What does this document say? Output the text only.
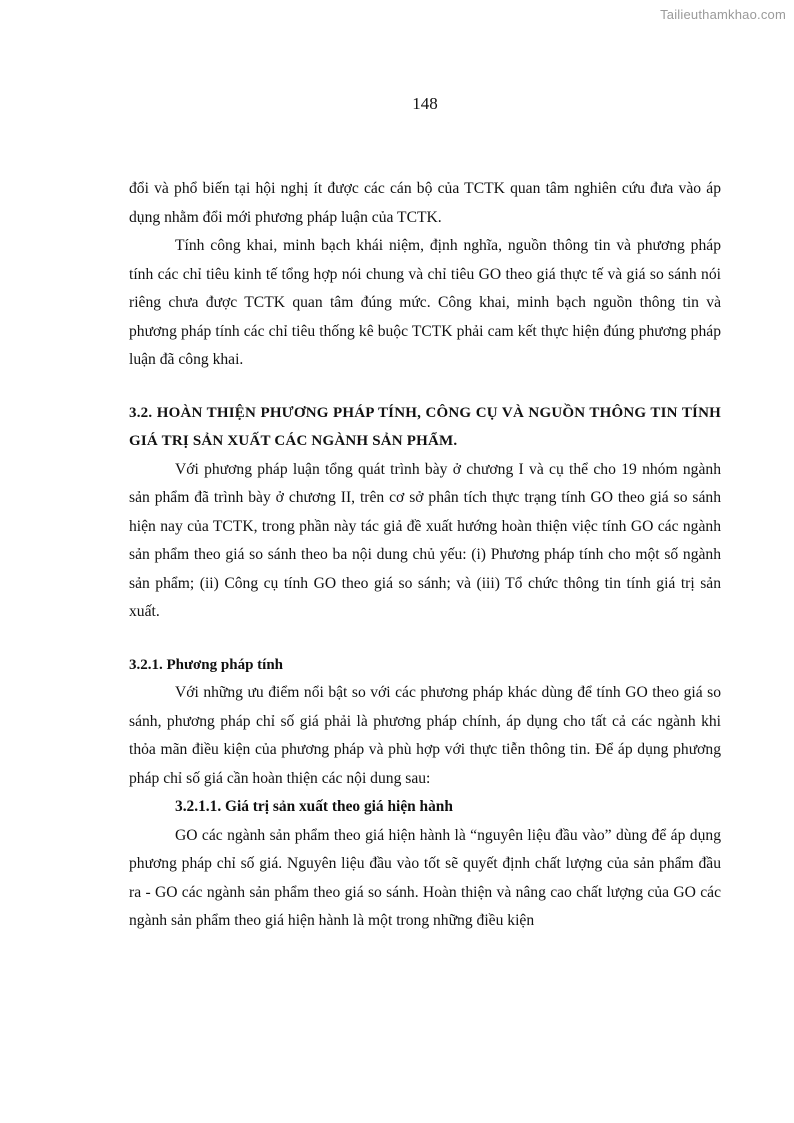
Tailieuthamkhao.com
148

đổi và phổ biến tại hội nghị ít được các cán bộ của TCTK quan tâm nghiên cứu đưa vào áp dụng nhằm đổi mới phương pháp luận của TCTK.

Tính công khai, minh bạch khái niệm, định nghĩa, nguồn thông tin và phương pháp tính các chỉ tiêu kinh tế tổng hợp nói chung và chỉ tiêu GO theo giá thực tế và giá so sánh nói riêng chưa được TCTK quan tâm đúng mức. Công khai, minh bạch nguồn thông tin và phương pháp tính các chỉ tiêu thống kê buộc TCTK phải cam kết thực hiện đúng phương pháp luận đã công khai.

3.2. HOÀN THIỆN PHƯƠNG PHÁP TÍNH, CÔNG CỤ VÀ NGUỒN THÔNG TIN TÍNH GIÁ TRỊ SẢN XUẤT CÁC NGÀNH SẢN PHẨM.

Với phương pháp luận tổng quát trình bày ở chương I và cụ thể cho 19 nhóm ngành sản phẩm đã trình bày ở chương II, trên cơ sở phân tích thực trạng tính GO theo giá so sánh hiện nay của TCTK, trong phần này tác giả đề xuất hướng hoàn thiện việc tính GO các ngành sản phẩm theo giá so sánh theo ba nội dung chủ yếu: (i) Phương pháp tính cho một số ngành sản phẩm; (ii) Công cụ tính GO theo giá so sánh; và (iii) Tổ chức thông tin tính giá trị sản xuất.

3.2.1. Phương pháp tính

Với những ưu điểm nổi bật so với các phương pháp khác dùng để tính GO theo giá so sánh, phương pháp chỉ số giá phải là phương pháp chính, áp dụng cho tất cả các ngành khi thỏa mãn điều kiện của phương pháp và phù hợp với thực tiễn thông tin. Để áp dụng phương pháp chỉ số giá cần hoàn thiện các nội dung sau:

3.2.1.1. Giá trị sản xuất theo giá hiện hành

GO các ngành sản phẩm theo giá hiện hành là “nguyên liệu đầu vào” dùng để áp dụng phương pháp chỉ số giá. Nguyên liệu đầu vào tốt sẽ quyết định chất lượng của sản phẩm đầu ra - GO các ngành sản phẩm theo giá so sánh. Hoàn thiện và nâng cao chất lượng của GO các ngành sản phẩm theo giá hiện hành là một trong những điều kiện
